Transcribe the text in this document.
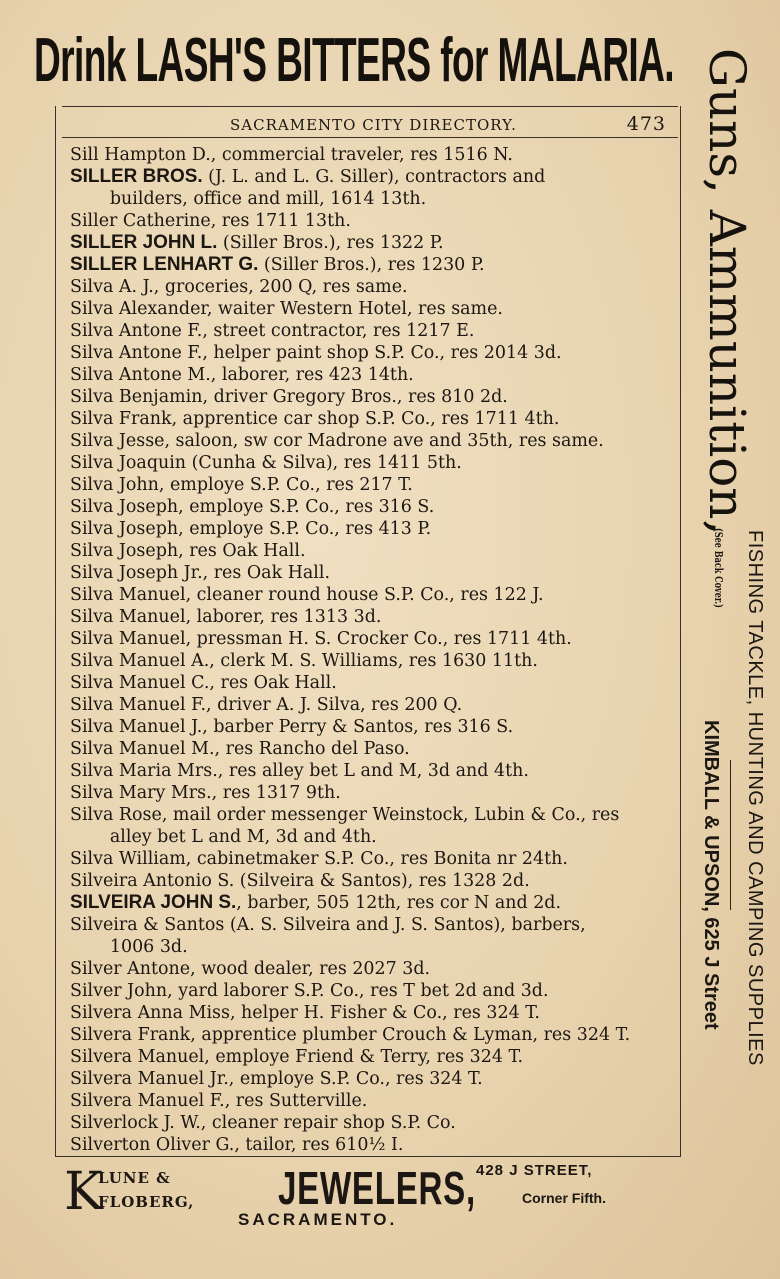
Drink LASH'S BITTERS for MALARIA.
SACRAMENTO CITY DIRECTORY.	473
Sill Hampton D., commercial traveler, res 1516 N.
SILLER BROS. (J. L. and L. G. Siller), contractors and
builders, office and mill, 1614 13th.
Siller Catherine, res 1711 13th.
SILLER JOHN L. (Siller Bros.), res 1322 P.
SILLER LENHART G. (Siller Bros.), res 1230 P.
Silva A. J., groceries, 200 Q, res same.
Silva Alexander, waiter Western Hotel, res same.
Silva Antone F., street contractor, res 1217 E.
Silva Antone F., helper paint shop S.P. Co., res 2014 3d.
Silva Antone M., laborer, res 423 14th.
Silva Benjamin, driver Gregory Bros., res 810 2d.
Silva Frank, apprentice car shop S.P. Co., res 1711 4th.
Silva Jesse, saloon, sw cor Madrone ave and 35th, res same.
Silva Joaquin (Cunha & Silva), res 1411 5th.
Silva John, employe S.P. Co., res 217 T.
Silva Joseph, employe S.P. Co., res 316 S.
Silva Joseph, employe S.P. Co., res 413 P.
Silva Joseph, res Oak Hall.
Silva Joseph Jr., res Oak Hall.
Silva Manuel, cleaner round house S.P. Co., res 122 J.
Silva Manuel, laborer, res 1313 3d.
Silva Manuel, pressman H. S. Crocker Co., res 1711 4th.
Silva Manuel A., clerk M. S. Williams, res 1630 11th.
Silva Manuel C., res Oak Hall.
Silva Manuel F., driver A. J. Silva, res 200 Q.
Silva Manuel J., barber Perry & Santos, res 316 S.
Silva Manuel M., res Rancho del Paso.
Silva Maria Mrs., res alley bet L and M, 3d and 4th.
Silva Mary Mrs., res 1317 9th.
Silva Rose, mail order messenger Weinstock, Lubin & Co., res
alley bet L and M, 3d and 4th.
Silva William, cabinetmaker S.P. Co., res Bonita nr 24th.
Silveira Antonio S. (Silveira & Santos), res 1328 2d.
SILVEIRA JOHN S., barber, 505 12th, res cor N and 2d.
Silveira & Santos (A. S. Silveira and J. S. Santos), barbers,
1006 3d.
Silver Antone, wood dealer, res 2027 3d.
Silver John, yard laborer S.P. Co., res T bet 2d and 3d.
Silvera Anna Miss, helper H. Fisher & Co., res 324 T.
Silvera Frank, apprentice plumber Crouch & Lyman, res 324 T.
Silvera Manuel, employe Friend & Terry, res 324 T.
Silvera Manuel Jr., employe S.P. Co., res 324 T.
Silvera Manuel F., res Sutterville.
Silverlock J. W., cleaner repair shop S.P. Co.
Silverton Oliver G., tailor, res 610½ I.
Guns, Ammunition,
(See Back Cover.) FISHING TACKLE, HUNTING AND CAMPING SUPPLIES
KIMBALL & UPSON, 625 J Street
K
LUNE &
FLOBERG, JEWELERS, 428 J STREET,
Corner Fifth.
SACRAMENTO.
